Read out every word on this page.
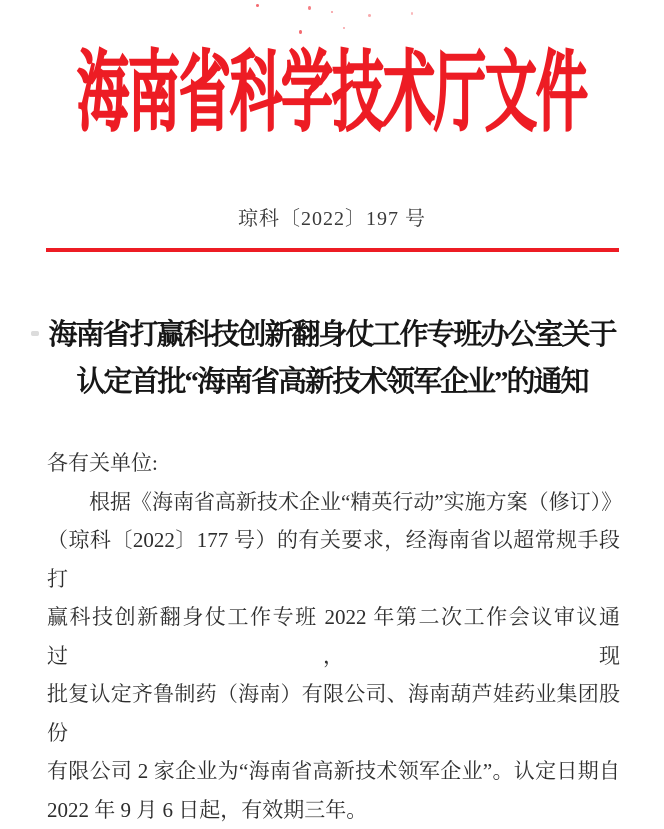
海南省科学技术厅文件
琼科〔2022〕197 号
海南省打赢科技创新翻身仗工作专班办公室关于
认定首批“海南省高新技术领军企业”的通知
各有关单位:
根据《海南省高新技术企业“精英行动”实施方案（修订）》
（琼科〔2022〕177 号）的有关要求，经海南省以超常规手段打
赢科技创新翻身仗工作专班 2022 年第二次工作会议审议通过，现
批复认定齐鲁制药（海南）有限公司、海南葫芦娃药业集团股份
有限公司 2 家企业为“海南省高新技术领军企业”。认定日期自
2022 年 9 月 6 日起，有效期三年。
